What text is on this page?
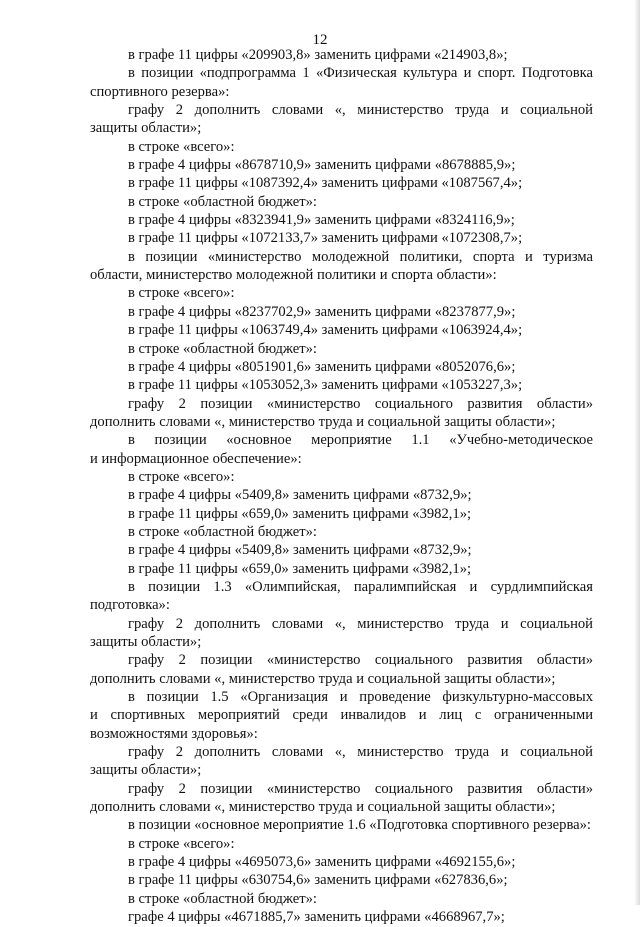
12
в графе 11 цифры «209903,8» заменить цифрами «214903,8»;
в позиции «подпрограмма 1 «Физическая культура и спорт. Подготовка
спортивного резерва»:
графу 2 дополнить словами «, министерство труда и социальной
защиты области»;
в строке «всего»:
в графе 4 цифры «8678710,9» заменить цифрами «8678885,9»;
в графе 11 цифры «1087392,4» заменить цифрами «1087567,4»;
в строке «областной бюджет»:
в графе 4 цифры «8323941,9» заменить цифрами «8324116,9»;
в графе 11 цифры «1072133,7» заменить цифрами «1072308,7»;
в позиции «министерство молодежной политики, спорта и туризма
области, министерство молодежной политики и спорта области»:
в строке «всего»:
в графе 4 цифры «8237702,9» заменить цифрами «8237877,9»;
в графе 11 цифры «1063749,4» заменить цифрами «1063924,4»;
в строке «областной бюджет»:
в графе 4 цифры «8051901,6» заменить цифрами «8052076,6»;
в графе 11 цифры «1053052,3» заменить цифрами «1053227,3»;
графу 2 позиции «министерство социального развития области»
дополнить словами «, министерство труда и социальной защиты области»;
в позиции «основное мероприятие 1.1 «Учебно-методическое
и информационное обеспечение»:
в строке «всего»:
в графе 4 цифры «5409,8» заменить цифрами «8732,9»;
в графе 11 цифры «659,0» заменить цифрами «3982,1»;
в строке «областной бюджет»:
в графе 4 цифры «5409,8» заменить цифрами «8732,9»;
в графе 11 цифры «659,0» заменить цифрами «3982,1»;
в позиции 1.3 «Олимпийская, паралимпийская и сурдлимпийская
подготовка»:
графу 2 дополнить словами «, министерство труда и социальной
защиты области»;
графу 2 позиции «министерство социального развития области»
дополнить словами «, министерство труда и социальной защиты области»;
в позиции 1.5 «Организация и проведение физкультурно-массовых
и спортивных мероприятий среди инвалидов и лиц с ограниченными
возможностями здоровья»:
графу 2 дополнить словами «, министерство труда и социальной
защиты области»;
графу 2 позиции «министерство социального развития области»
дополнить словами «, министерство труда и социальной защиты области»;
в позиции «основное мероприятие 1.6 «Подготовка спортивного резерва»:
в строке «всего»:
в графе 4 цифры «4695073,6» заменить цифрами «4692155,6»;
в графе 11 цифры «630754,6» заменить цифрами «627836,6»;
в строке «областной бюджет»:
графе 4 цифры «4671885,7» заменить цифрами «4668967,7»;
